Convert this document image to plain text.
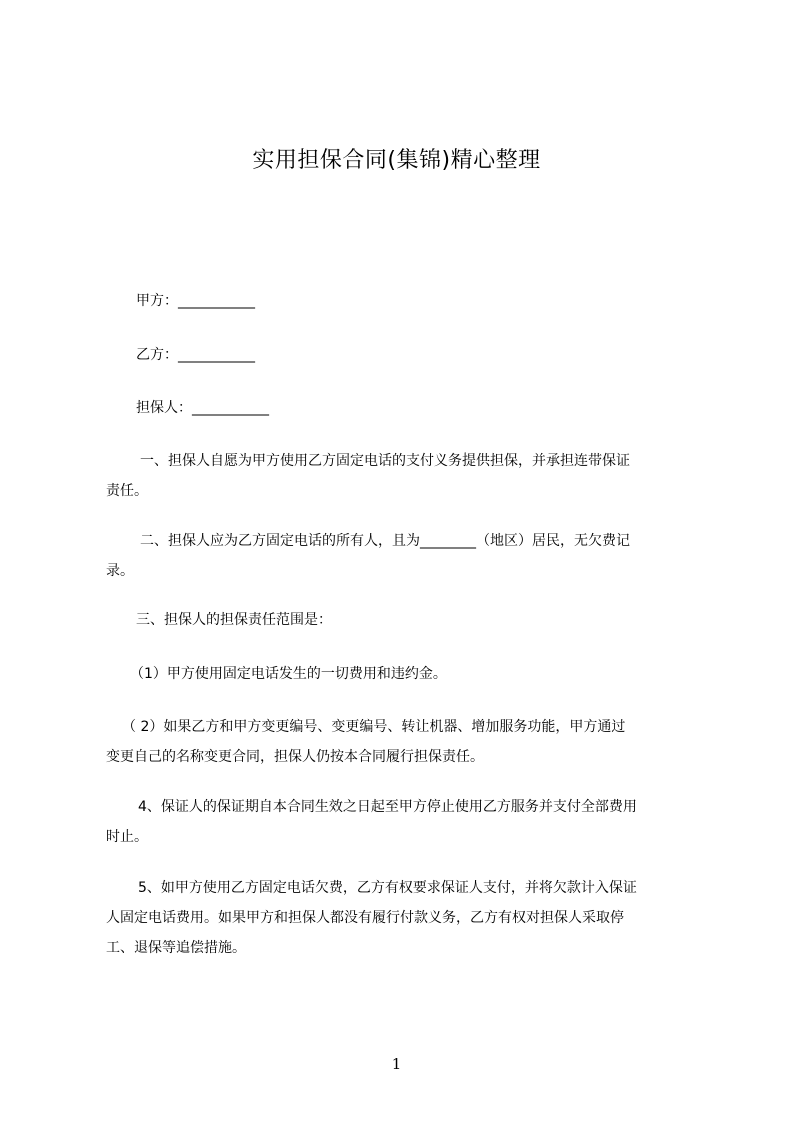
实用担保合同(集锦)精心整理
甲方：___________
乙方：___________
担保人：___________
一、担保人自愿为甲方使用乙方固定电话的支付义务提供担保，并承担连带保证
责任。
二、担保人应为乙方固定电话的所有人，且为________（地区）居民，无欠费记
录。
三、担保人的担保责任范围是：
（1）甲方使用固定电话发生的一切费用和违约金。
（ 2）如果乙方和甲方变更编号、变更编号、转让机器、增加服务功能，甲方通过
变更自己的名称变更合同，担保人仍按本合同履行担保责任。
4、保证人的保证期自本合同生效之日起至甲方停止使用乙方服务并支付全部费用
时止。
5、如甲方使用乙方固定电话欠费，乙方有权要求保证人支付，并将欠款计入保证
人固定电话费用。如果甲方和担保人都没有履行付款义务，乙方有权对担保人采取停
工、退保等追偿措施。
1
